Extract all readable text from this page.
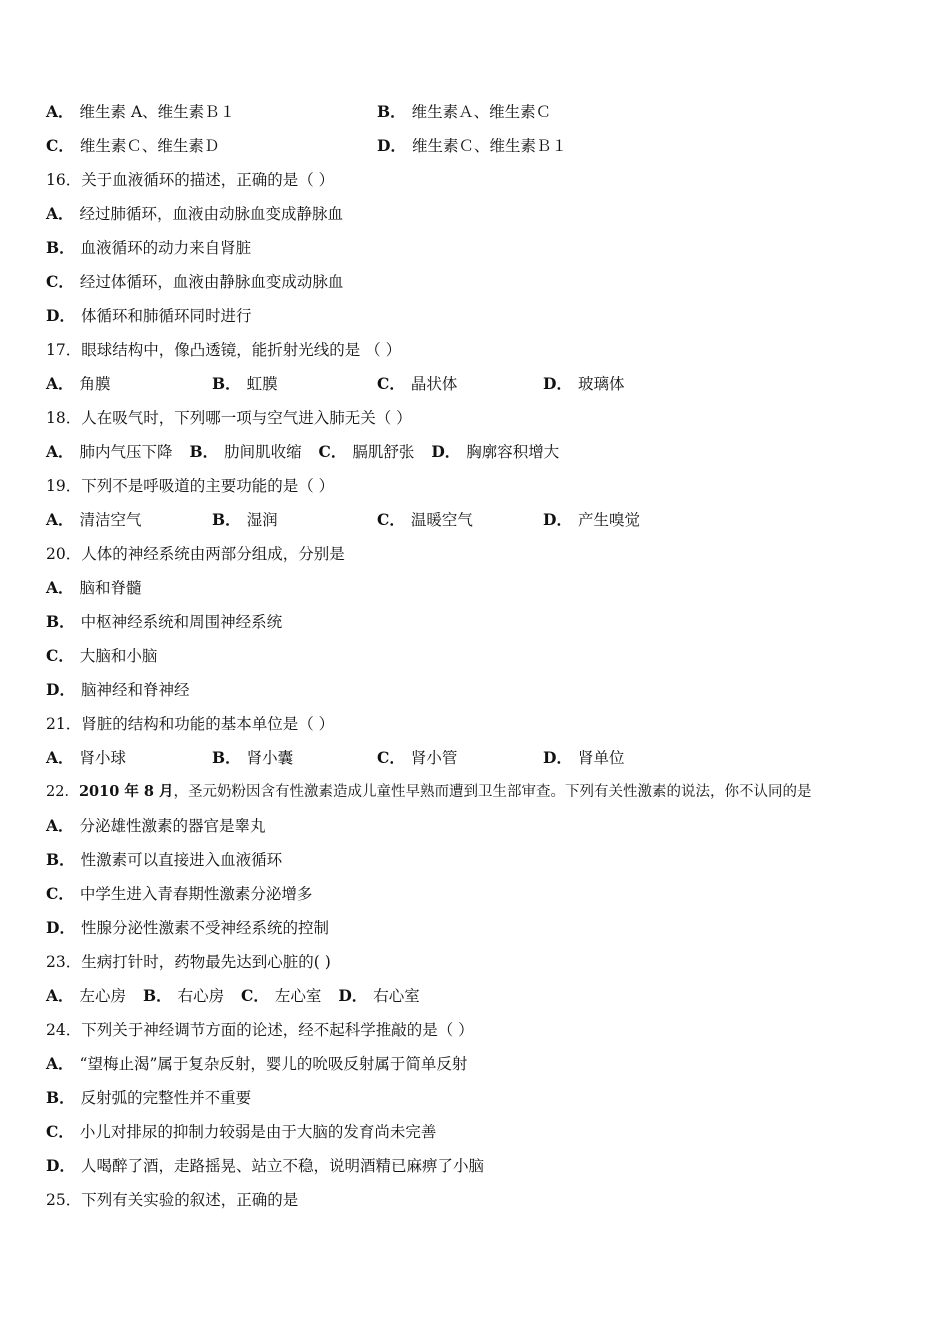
A． 维生素 A、维生素Ｂ１	B． 维生素Ａ、维生素Ｃ
C． 维生素Ｃ、维生素Ｄ	D． 维生素Ｃ、维生素Ｂ１
16．关于血液循环的描述，正确的是（ ）
A． 经过肺循环，血液由动脉血变成静脉血
B． 血液循环的动力来自肾脏
C． 经过体循环，血液由静脉血变成动脉血
D． 体循环和肺循环同时进行
17．眼球结构中，像凸透镜，能折射光线的是 （ ）
A． 角膜	B． 虹膜	C． 晶状体	D． 玻璃体
18．人在吸气时，下列哪一项与空气进入肺无关（ ）
A． 肺内气压下降 B． 肋间肌收缩 C． 膈肌舒张 D． 胸廓容积增大
19．下列不是呼吸道的主要功能的是（ ）
A． 清洁空气	B． 湿润	C． 温暖空气	D． 产生嗅觉
20．人体的神经系统由两部分组成，分别是
A． 脑和脊髓
B． 中枢神经系统和周围神经系统
C． 大脑和小脑
D． 脑神经和脊神经
21．肾脏的结构和功能的基本单位是（ ）
A． 肾小球	B． 肾小囊	C． 肾小管	D． 肾单位
22．2010 年 8 月，圣元奶粉因含有性激素造成儿童性早熟而遭到卫生部审查。下列有关性激素的说法，你不认同的是
A． 分泌雄性激素的器官是睾丸
B． 性激素可以直接进入血液循环
C． 中学生进入青春期性激素分泌增多
D． 性腺分泌性激素不受神经系统的控制
23．生病打针时，药物最先达到心脏的( )
A． 左心房 B． 右心房 C． 左心室 D． 右心室
24．下列关于神经调节方面的论述，经不起科学推敲的是（ ）
A． “望梅止渴”属于复杂反射，婴儿的吮吸反射属于简单反射
B． 反射弧的完整性并不重要
C． 小儿对排尿的抑制力较弱是由于大脑的发育尚未完善
D． 人喝醉了酒，走路摇晃、站立不稳，说明酒精已麻痹了小脑
25．下列有关实验的叙述，正确的是
